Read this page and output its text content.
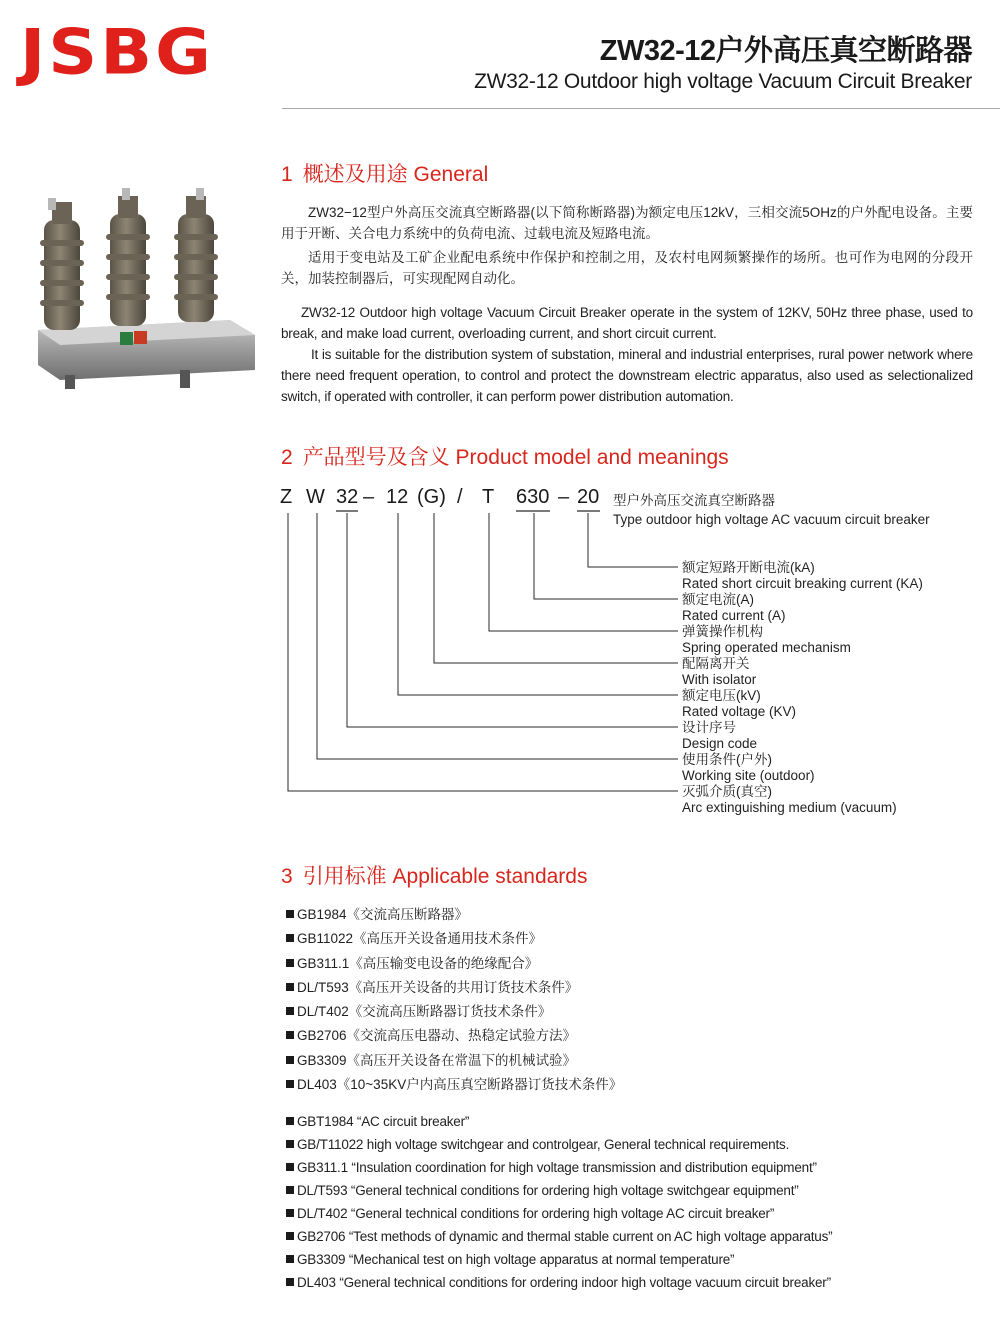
JSBG	ZW32-12户外高压真空断路器
ZW32-12 Outdoor high voltage Vacuum Circuit Breaker
1 概述及用途 General

ZW32−12型户外高压交流真空断路器(以下简称断路器)为额定电压12kV，三相交流5OHz的户外配电设备。主要用于开断、关合电力系统中的负荷电流、过载电流及短路电流。

适用于变电站及工矿企业配电系统中作保护和控制之用，及农村电网频繁操作的场所。也可作为电网的分段开关，加装控制器后，可实现配网自动化。

ZW32-12 Outdoor high voltage Vacuum Circuit Breaker operate in the system of 12KV, 50Hz three phase, used to break, and make load current, overloading current, and short circuit current.

It is suitable for the distribution system of substation, mineral and industrial enterprises, rural power network where there need frequent operation, to control and protect the downstream electric apparatus, also used as selectionalized switch, if operated with controller, it can perform power distribution automation.

2 产品型号及含义 Product model and meanings
Z W 32 – 12 (G) / T 630 – 20 型户外高压交流真空断路器
Type outdoor high voltage AC vacuum circuit breaker
额定短路开断电流(kA)
Rated short circuit breaking current (KA)
额定电流(A)
Rated current (A)
弹簧操作机构
Spring operated mechanism
配隔离开关
With isolator
额定电压(kV)
Rated voltage (KV)
设计序号
Design code
使用条件(户外)
Working site (outdoor)
灭弧介质(真空)
Arc extinguishing medium (vacuum)
3 引用标准 Applicable standards
GB1984《交流高压断路器》
GB11022《高压开关设备通用技术条件》
GB311.1《高压输变电设备的绝缘配合》
DL/T593《高压开关设备的共用订货技术条件》
DL/T402《交流高压断路器订货技术条件》
GB2706《交流高压电器动、热稳定试验方法》
GB3309《高压开关设备在常温下的机械试验》
DL403《10~35KV户内高压真空断路器订货技术条件》
GBT1984 “AC circuit breaker”
GB/T11022 high voltage switchgear and controlgear, General technical requirements.
GB311.1 “Insulation coordination for high voltage transmission and distribution equipment”
DL/T593 “General technical conditions for ordering high voltage switchgear equipment”
DL/T402 “General technical conditions for ordering high voltage AC circuit breaker”
GB2706 “Test methods of dynamic and thermal stable current on AC high voltage apparatus”
GB3309 “Mechanical test on high voltage apparatus at normal temperature”
DL403 “General technical conditions for ordering indoor high voltage vacuum circuit breaker”
